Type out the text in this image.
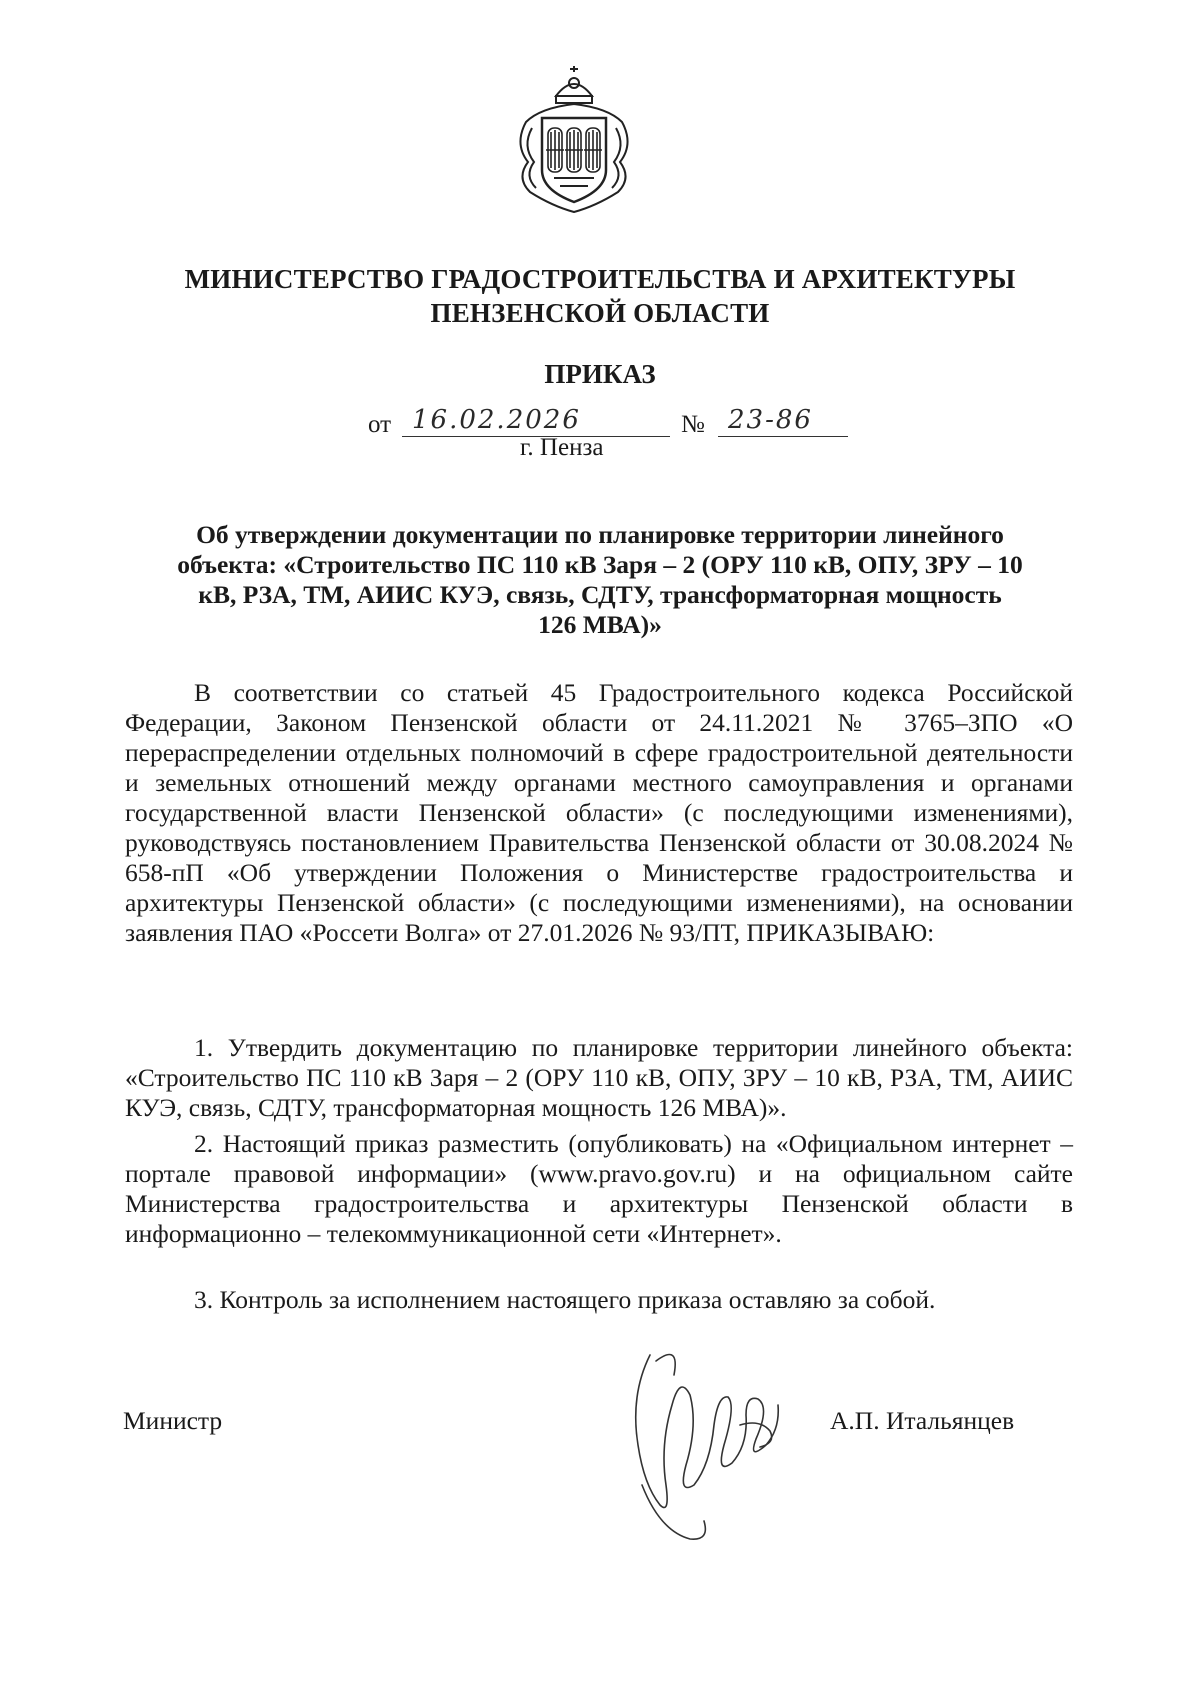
МИНИСТЕРСТВО ГРАДОСТРОИТЕЛЬСТВА И АРХИТЕКТУРЫ
ПЕНЗЕНСКОЙ ОБЛАСТИ
ПРИКАЗ
от 16.02.2026	№ 23-86
г. Пенза
Об утверждении документации по планировке территории линейного
объекта: «Строительство ПС 110 кВ Заря – 2 (ОРУ 110 кВ, ОПУ, ЗРУ – 10
кВ, РЗА, ТМ, АИИС КУЭ, связь, СДТУ, трансформаторная мощность
126 МВА)»

В соответствии со статьей 45 Градостроительного кодекса Российской Федерации, Законом Пензенской области от 24.11.2021 № 3765–ЗПО «О перераспределении отдельных полномочий в сфере градостроительной деятельности и земельных отношений между органами местного самоуправления и органами государственной власти Пензенской области» (с последующими изменениями), руководствуясь постановлением Правительства Пензенской области от 30.08.2024 № 658-пП «Об утверждении Положения о Министерстве градостроительства и архитектуры Пензенской области» (с последующими изменениями), на основании заявления ПАО «Россети Волга» от 27.01.2026 № 93/ПТ, ПРИКАЗЫВАЮ:

1. Утвердить документацию по планировке территории линейного объекта: «Строительство ПС 110 кВ Заря – 2 (ОРУ 110 кВ, ОПУ, ЗРУ – 10 кВ, РЗА, ТМ, АИИС КУЭ, связь, СДТУ, трансформаторная мощность 126 МВА)».

2. Настоящий приказ разместить (опубликовать) на «Официальном интернет – портале правовой информации» (www.pravo.gov.ru) и на официальном сайте Министерства градостроительства и архитектуры Пензенской области в информационно – телекоммуникационной сети «Интернет».

3. Контроль за исполнением настоящего приказа оставляю за собой.

Министр	А.П. Итальянцев
